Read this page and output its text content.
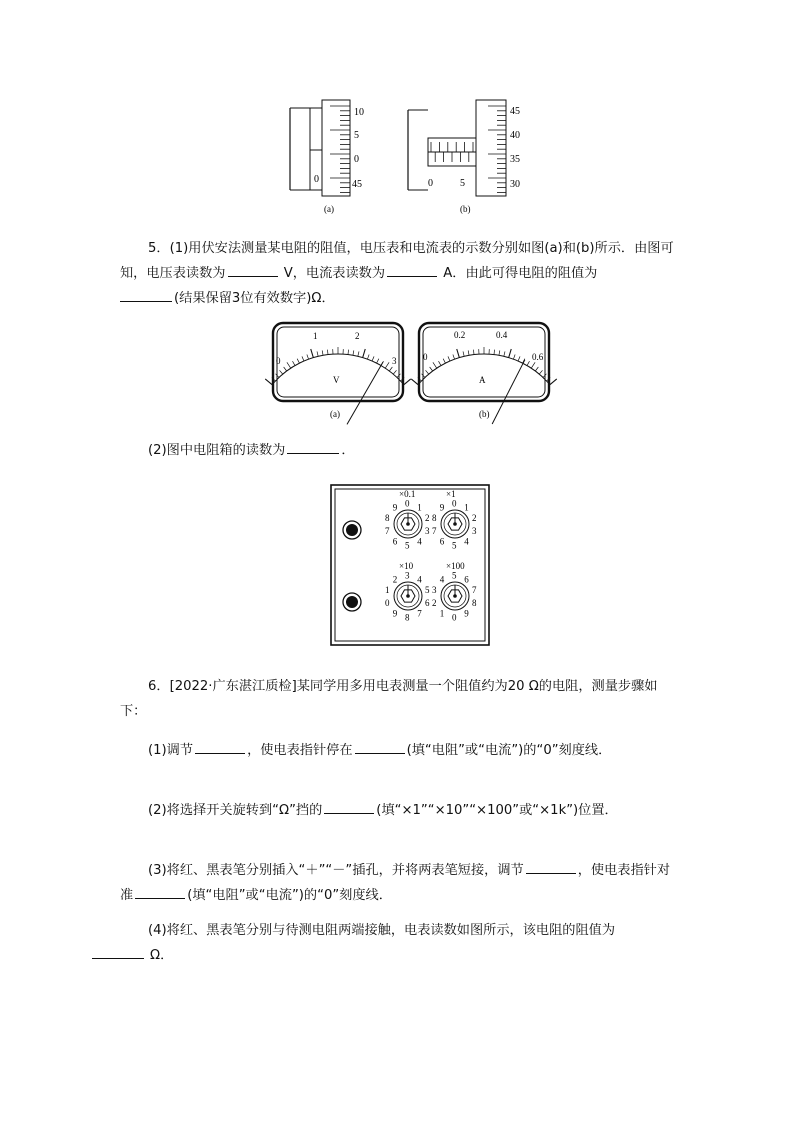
10
5
0
45
0
(a)
45
40
35
30
0	5
(b)
5．(1)用伏安法测量某电阻的阻值，电压表和电流表的示数分别如图(a)和(b)所示．由图可知，电压表读数为	V，电流表读数为	A．由此可得电阻的阻值为
(结果保留3位有效数字)Ω．
V
0
1	2
3
(a)
A
0
0.2	0.4
0.6
(b)
(2)图中电阻箱的读数为	．
×0.1
0 1
2
3
4
5
6
7
8
9
×1
0 1
2
3
4
5
6
7
8
9
×10
3 4
5
6
7
8
9
0
1
2
×100
5 6
7
8
9
0
1
2
3
4
6．[2022·广东湛江质检]某同学用多用电表测量一个阻值约为20 Ω的电阻，测量步骤如下：
(1)调节	，使电表指针停在	(填“电阻”或“电流”)的“0”刻度线．
(2)将选择开关旋转到“Ω”挡的	(填“×1”“×10”“×100”或“×1k”)位置．
(3)将红、黑表笔分别插入“＋”“－”插孔，并将两表笔短接，调节	，使电表指针对准	(填“电阻”或“电流”)的“0”刻度线．
(4)将红、黑表笔分别与待测电阻两端接触，电表读数如图所示，该电阻的阻值为
Ω．
